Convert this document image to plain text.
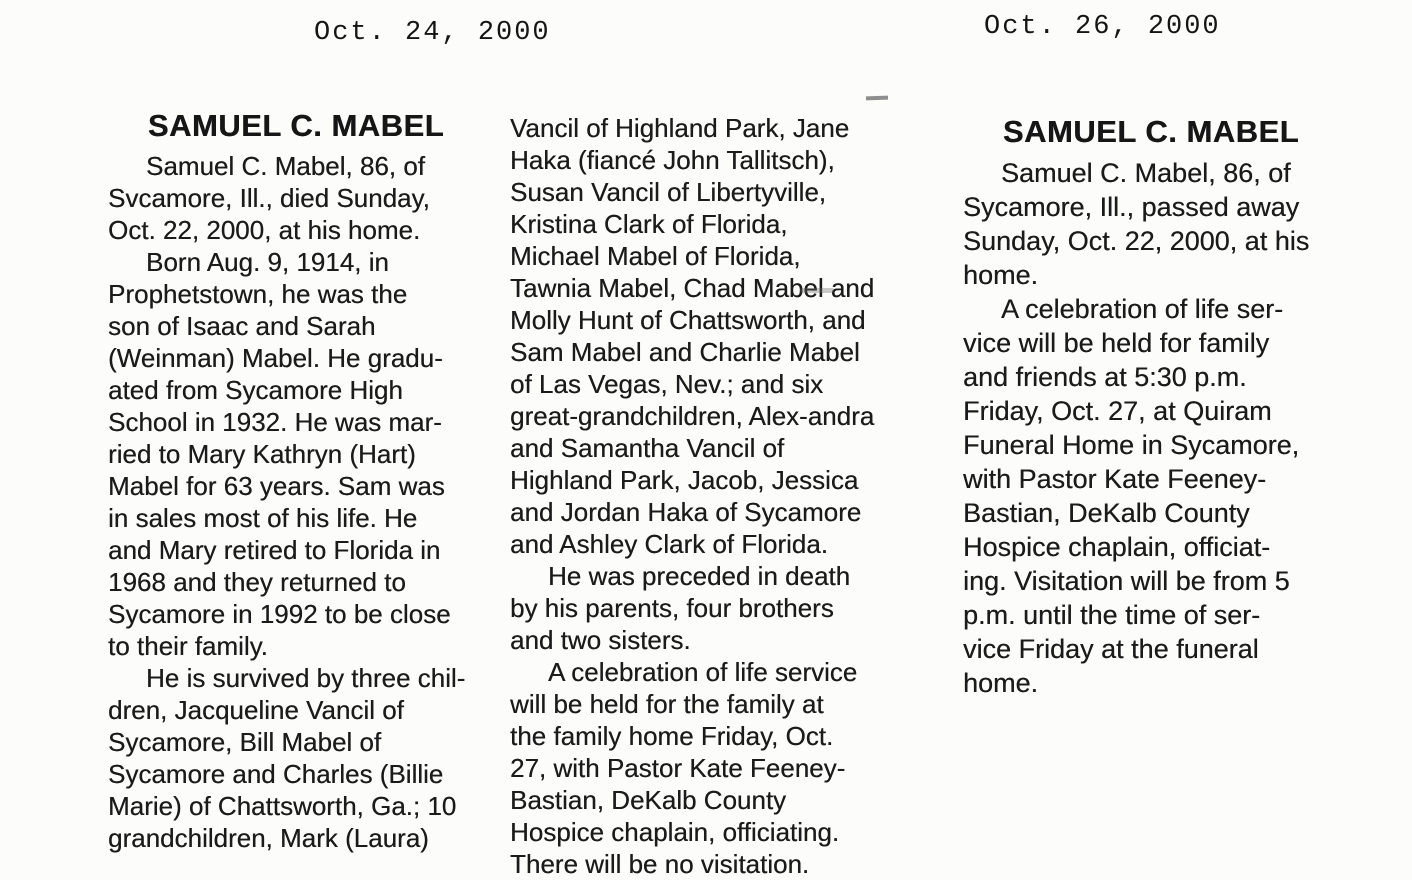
Oct. 24, 2000	Oct. 26, 2000
SAMUEL C. MABEL
Samuel C. Mabel, 86, of
Svcamore, Ill., died Sunday,
Oct. 22, 2000, at his home.
Born Aug. 9, 1914, in
Prophetstown, he was the
son of Isaac and Sarah
(Weinman) Mabel. He gradu-
ated from Sycamore High
School in 1932. He was mar-
ried to Mary Kathryn (Hart)
Mabel for 63 years. Sam was
in sales most of his life. He
and Mary retired to Florida in
1968 and they returned to
Sycamore in 1992 to be close
to their family.
He is survived by three chil-
dren, Jacqueline Vancil of
Sycamore, Bill Mabel of
Sycamore and Charles (Billie
Marie) of Chattsworth, Ga.; 10
grandchildren, Mark (Laura)
Vancil of Highland Park, Jane
Haka (fiancé John Tallitsch),
Susan Vancil of Libertyville,
Kristina Clark of Florida,
Michael Mabel of Florida,
Tawnia Mabel, Chad Mabel and
Molly Hunt of Chattsworth, and
Sam Mabel and Charlie Mabel
of Las Vegas, Nev.; and six
great-grandchildren, Alex-andra
and Samantha Vancil of
Highland Park, Jacob, Jessica
and Jordan Haka of Sycamore
and Ashley Clark of Florida.
He was preceded in death
by his parents, four brothers
and two sisters.
A celebration of life service
will be held for the family at
the family home Friday, Oct.
27, with Pastor Kate Feeney-
Bastian, DeKalb County
Hospice chaplain, officiating.
There will be no visitation.
SAMUEL C. MABEL
Samuel C. Mabel, 86, of
Sycamore, Ill., passed away
Sunday, Oct. 22, 2000, at his
home.
A celebration of life ser-
vice will be held for family
and friends at 5:30 p.m.
Friday, Oct. 27, at Quiram
Funeral Home in Sycamore,
with Pastor Kate Feeney-
Bastian, DeKalb County
Hospice chaplain, officiat-
ing. Visitation will be from 5
p.m. until the time of ser-
vice Friday at the funeral
home.
